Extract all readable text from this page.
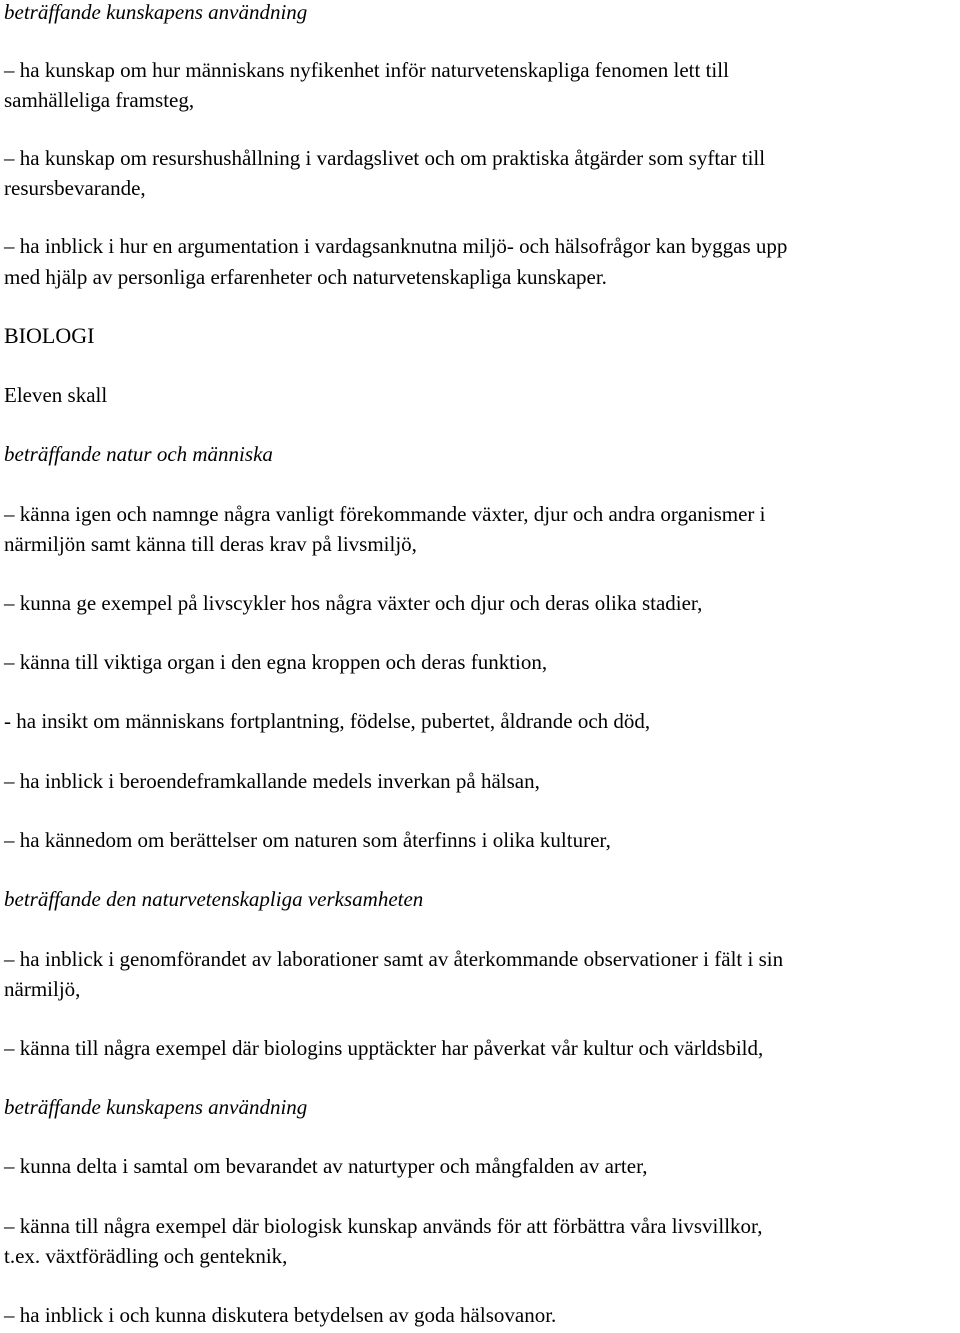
beträffande kunskapens användning

– ha kunskap om hur människans nyfikenhet inför naturvetenskapliga fenomen lett till

samhälleliga framsteg,

– ha kunskap om resurshushållning i vardagslivet och om praktiska åtgärder som syftar till

resursbevarande,

– ha inblick i hur en argumentation i vardagsanknutna miljö- och hälsofrågor kan byggas upp

med hjälp av personliga erfarenheter och naturvetenskapliga kunskaper.

BIOLOGI

Eleven skall

beträffande natur och människa

– känna igen och namnge några vanligt förekommande växter, djur och andra organismer i

närmiljön samt känna till deras krav på livsmiljö,

– kunna ge exempel på livscykler hos några växter och djur och deras olika stadier,

– känna till viktiga organ i den egna kroppen och deras funktion,

- ha insikt om människans fortplantning, födelse, pubertet, åldrande och död,

– ha inblick i beroendeframkallande medels inverkan på hälsan,

– ha kännedom om berättelser om naturen som återfinns i olika kulturer,

beträffande den naturvetenskapliga verksamheten

– ha inblick i genomförandet av laborationer samt av återkommande observationer i fält i sin

närmiljö,

– känna till några exempel där biologins upptäckter har påverkat vår kultur och världsbild,

beträffande kunskapens användning

– kunna delta i samtal om bevarandet av naturtyper och mångfalden av arter,

– känna till några exempel där biologisk kunskap används för att förbättra våra livsvillkor,

t.ex. växtförädling och genteknik,

– ha inblick i och kunna diskutera betydelsen av goda hälsovanor.
